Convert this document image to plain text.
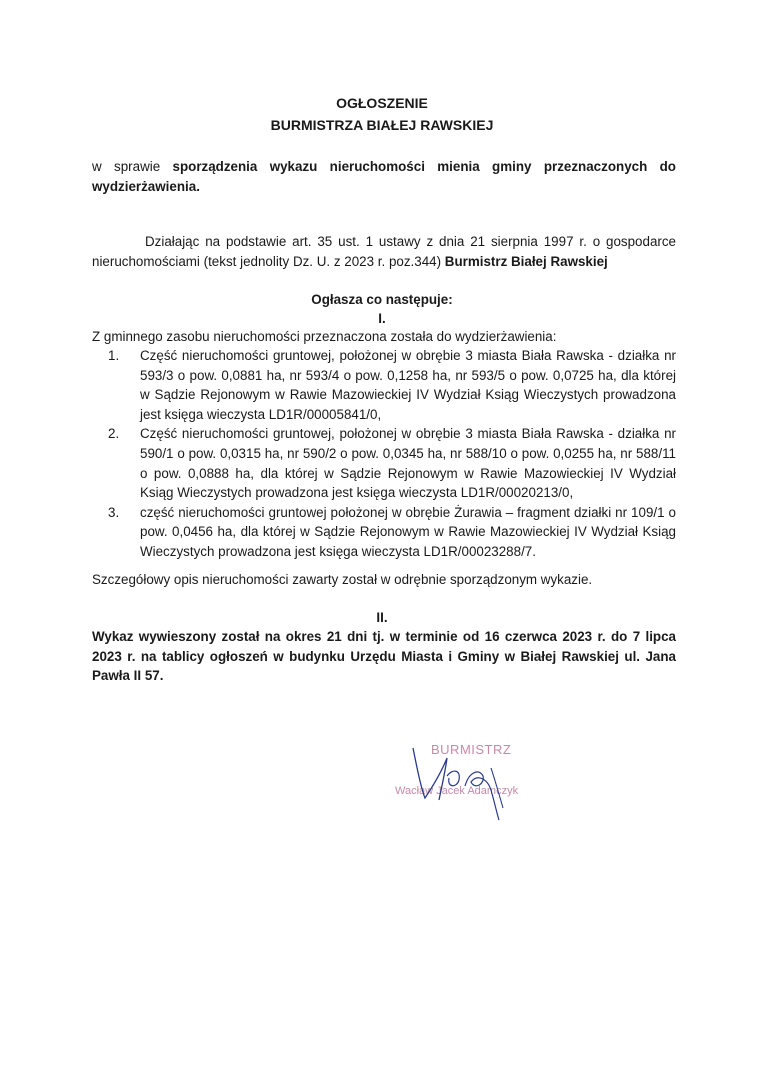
OGŁOSZENIE
BURMISTRZA BIAŁEJ RAWSKIEJ
w sprawie sporządzenia wykazu nieruchomości mienia gminy przeznaczonych do wydzierżawienia.

Działając na podstawie art. 35 ust. 1 ustawy z dnia 21 sierpnia 1997 r. o gospodarce nieruchomościami (tekst jednolity Dz. U. z 2023 r. poz.344) Burmistrz Białej Rawskiej

Ogłasza co następuje:
I.
Z gminnego zasobu nieruchomości przeznaczona została do wydzierżawienia:
1. Część nieruchomości gruntowej, położonej w obrębie 3 miasta Biała Rawska - działka nr 593/3 o pow. 0,0881 ha, nr 593/4 o pow. 0,1258 ha, nr 593/5 o pow. 0,0725 ha, dla której w Sądzie Rejonowym w Rawie Mazowieckiej IV Wydział Ksiąg Wieczystych prowadzona jest księga wieczysta LD1R/00005841/0,
2. Część nieruchomości gruntowej, położonej w obrębie 3 miasta Biała Rawska - działka nr 590/1 o pow. 0,0315 ha, nr 590/2 o pow. 0,0345 ha, nr 588/10 o pow. 0,0255 ha, nr 588/11 o pow. 0,0888 ha, dla której w Sądzie Rejonowym w Rawie Mazowieckiej IV Wydział Ksiąg Wieczystych prowadzona jest księga wieczysta LD1R/00020213/0,
3. część nieruchomości gruntowej położonej w obrębie Żurawia – fragment działki nr 109/1 o pow. 0,0456 ha, dla której w Sądzie Rejonowym w Rawie Mazowieckiej IV Wydział Ksiąg Wieczystych prowadzona jest księga wieczysta LD1R/00023288/7.
Szczegółowy opis nieruchomości zawarty został w odrębnie sporządzonym wykazie.
II.
Wykaz wywieszony został na okres 21 dni tj. w terminie od 16 czerwca 2023 r. do 7 lipca 2023 r. na tablicy ogłoszeń w budynku Urzędu Miasta i Gminy w Białej Rawskiej ul. Jana Pawła II 57.
BURMISTRZ
Wacław Jacek Adamczyk
